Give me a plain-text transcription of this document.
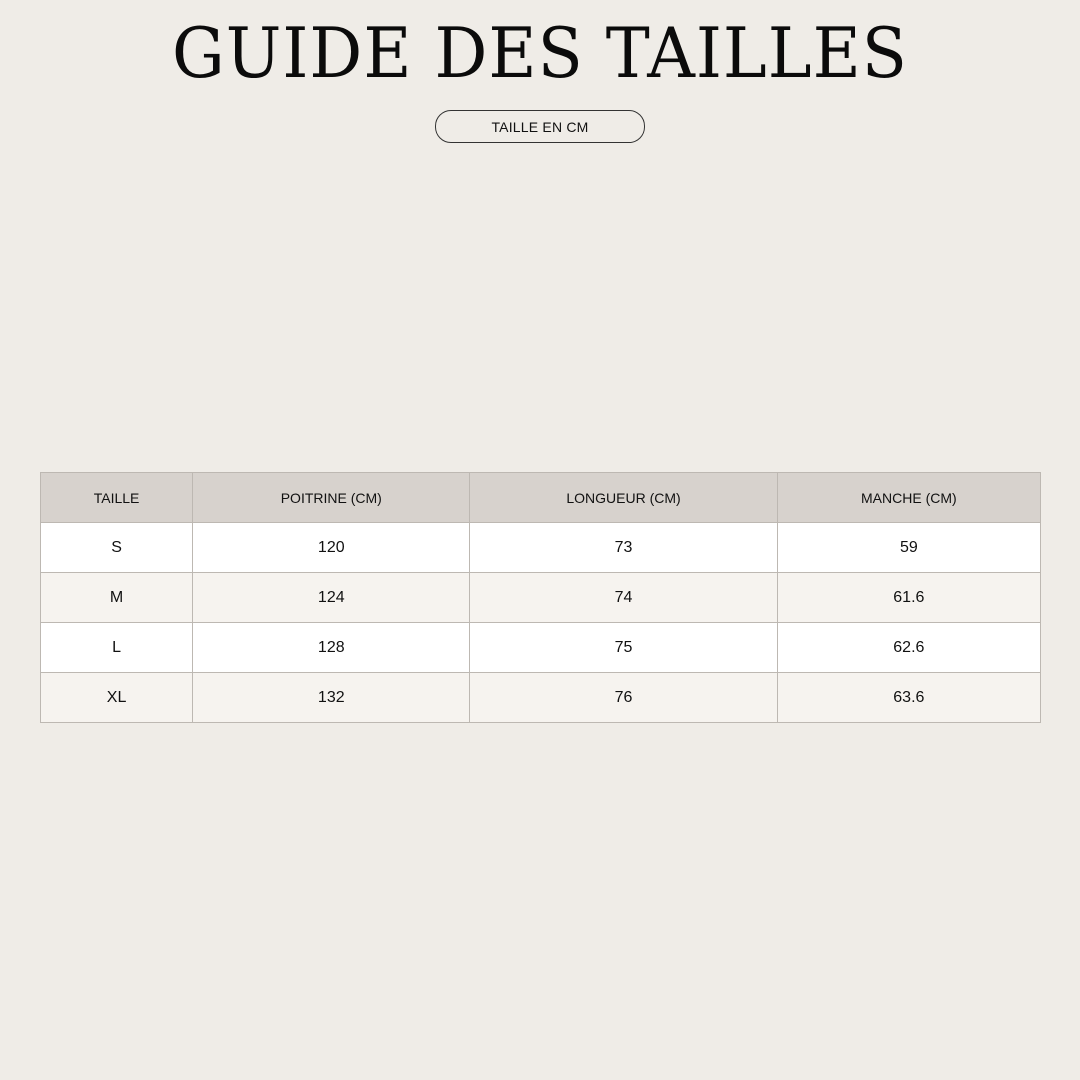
GUIDE DES TAILLES
TAILLE EN CM
TAILLE	POITRINE (CM)	LONGUEUR (CM)	MANCHE (CM)
S	120	73	59
M	124	74	61.6
L	128	75	62.6
XL	132	76	63.6
